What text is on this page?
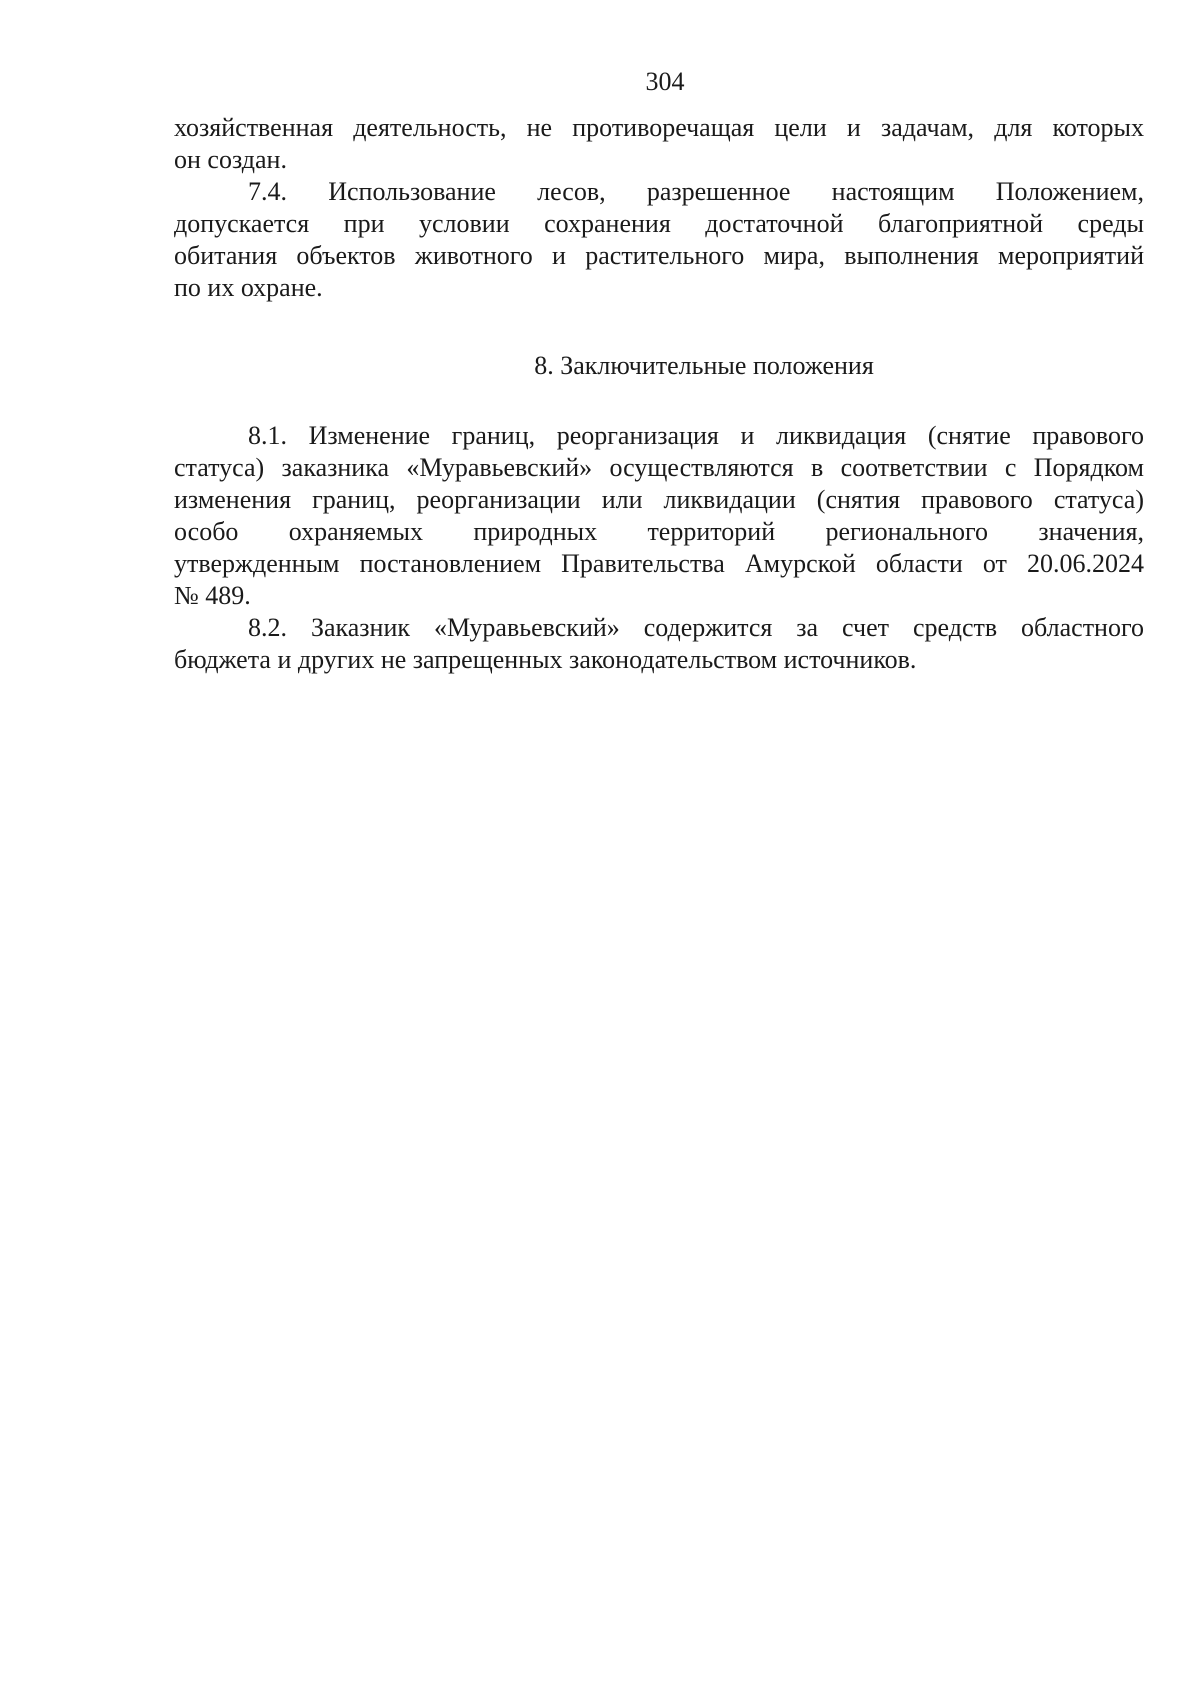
304
хозяйственная деятельность, не противоречащая цели и задачам, для которых
он создан.
7.4. Использование лесов, разрешенное настоящим Положением,
допускается при условии сохранения достаточной благоприятной среды
обитания объектов животного и растительного мира, выполнения мероприятий
по их охране.
8. Заключительные положения
8.1. Изменение границ, реорганизация и ликвидация (снятие правового
статуса) заказника «Муравьевский» осуществляются в соответствии с Порядком
изменения границ, реорганизации или ликвидации (снятия правового статуса)
особо охраняемых природных территорий регионального значения,
утвержденным постановлением Правительства Амурской области от 20.06.2024
№ 489.
8.2. Заказник «Муравьевский» содержится за счет средств областного
бюджета и других не запрещенных законодательством источников.
